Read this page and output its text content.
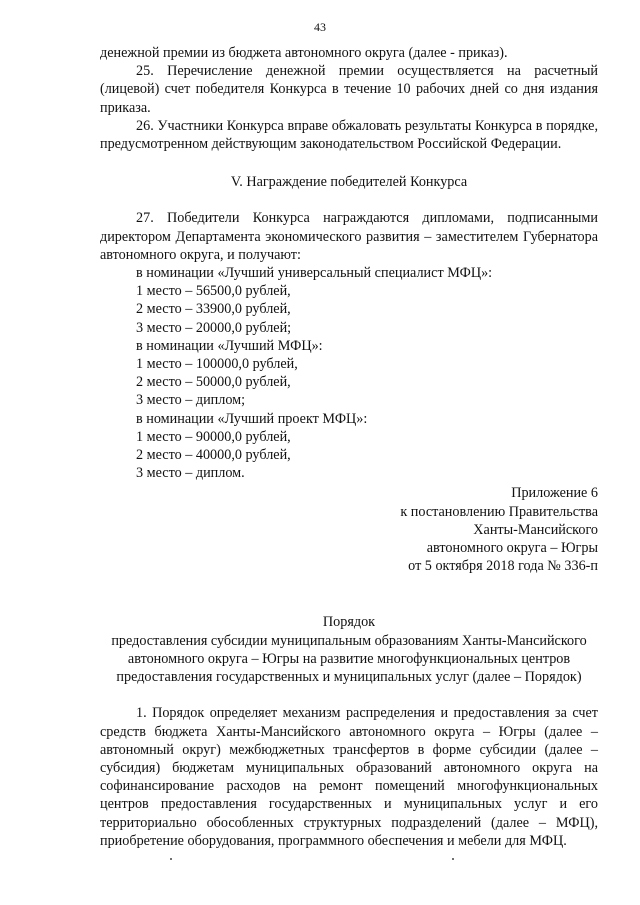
43

денежной премии из бюджета автономного округа (далее - приказ).

25. Перечисление денежной премии осуществляется на расчетный (лицевой) счет победителя Конкурса в течение 10 рабочих дней со дня издания приказа.

26. Участники Конкурса вправе обжаловать результаты Конкурса в порядке, предусмотренном действующим законодательством Российской Федерации.

V. Награждение победителей Конкурса

27. Победители Конкурса награждаются дипломами, подписанными директором Департамента экономического развития – заместителем Губернатора автономного округа, и получают:

в номинации «Лучший универсальный специалист МФЦ»:

1 место – 56500,0 рублей,

2 место – 33900,0 рублей,

3 место – 20000,0 рублей;

в номинации «Лучший МФЦ»:

1 место – 100000,0 рублей,

2 место – 50000,0 рублей,

3 место – диплом;

в номинации «Лучший проект МФЦ»:

1 место – 90000,0 рублей,

2 место – 40000,0 рублей,

3 место – диплом.

Приложение 6

к постановлению Правительства

Ханты-Мансийского

автономного округа – Югры

от 5 октября 2018 года № 336-п

Порядок

предоставления субсидии муниципальным образованиям Ханты-Мансийского автономного округа – Югры на развитие многофункциональных центров предоставления государственных и муниципальных услуг (далее – Порядок)

1. Порядок определяет механизм распределения и предоставления за счет средств бюджета Ханты-Мансийского автономного округа – Югры (далее – автономный округ) межбюджетных трансфертов в форме субсидии (далее – субсидия) бюджетам муниципальных образований автономного округа на софинансирование расходов на ремонт помещений многофункциональных центров предоставления государственных и муниципальных услуг и его территориально обособленных структурных подразделений (далее – МФЦ), приобретение оборудования, программного обеспечения и мебели для МФЦ.
